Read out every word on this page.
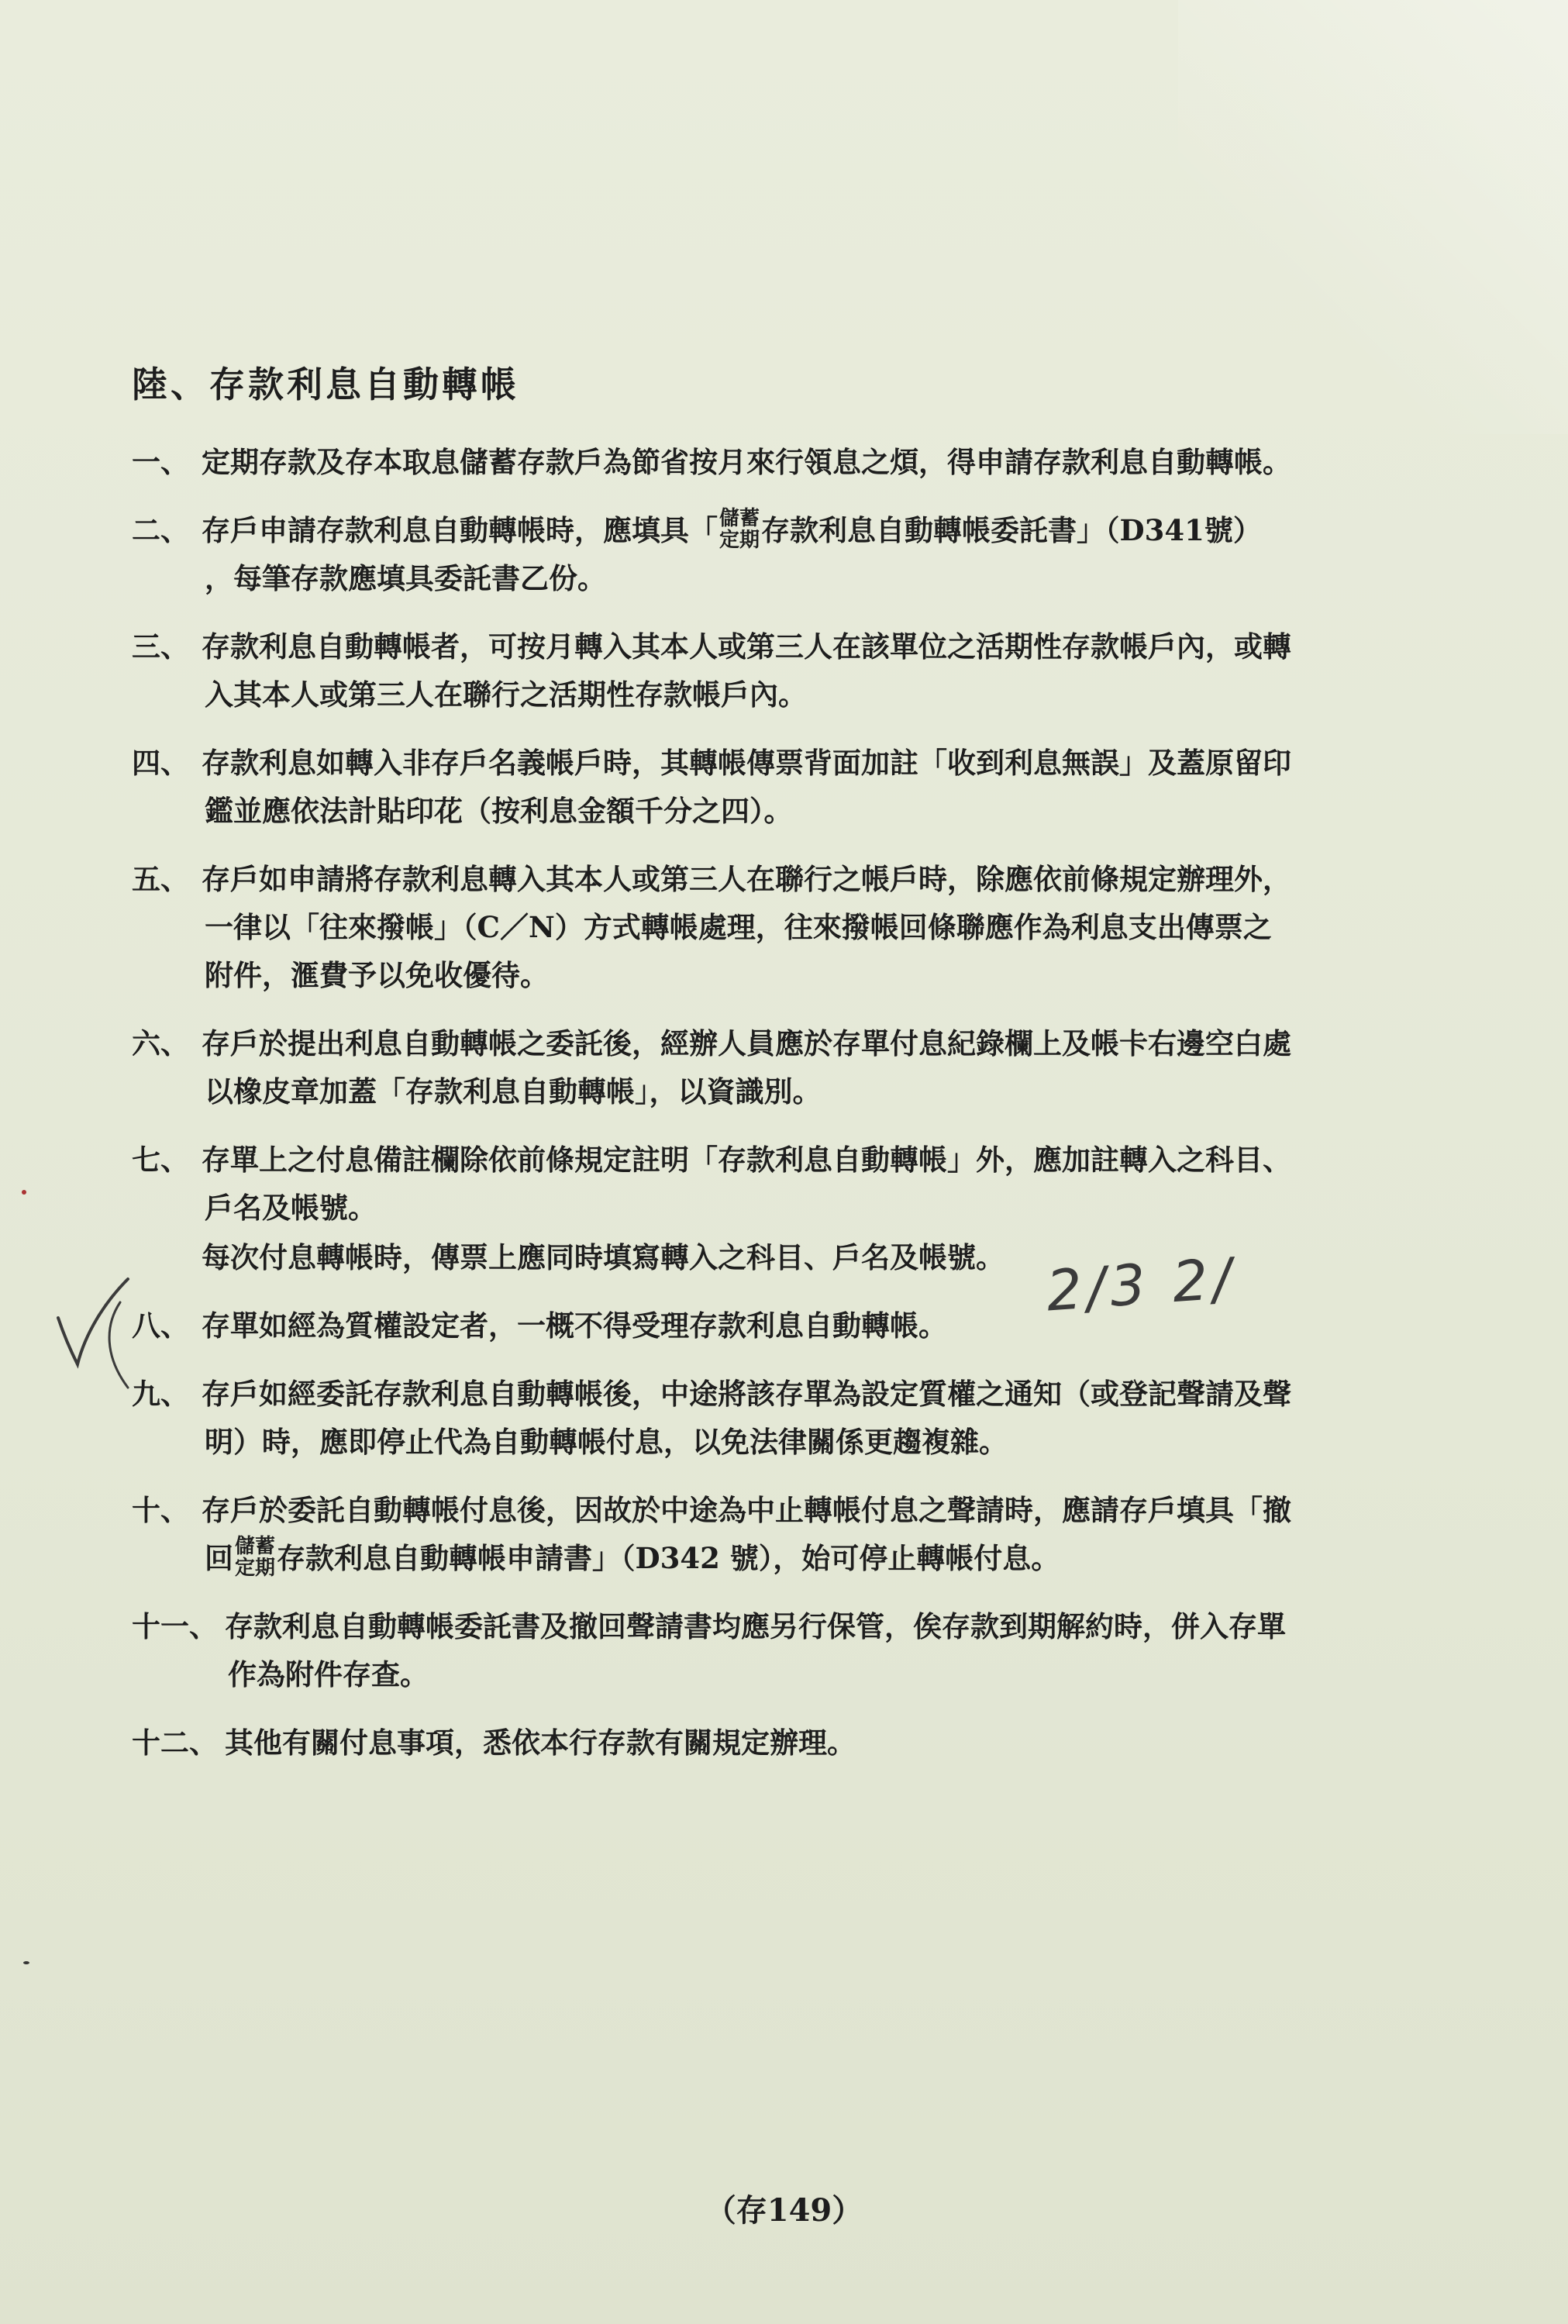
陸、存款利息自動轉帳
一、 定期存款及存本取息儲蓄存款戶為節省按月來行領息之煩，得申請存款利息自動轉帳。
二、 存戶申請存款利息自動轉帳時，應填具「 儲蓄
定期 存款利息自動轉帳委託書」（D341號）
，每筆存款應填具委託書乙份。
三、 存款利息自動轉帳者，可按月轉入其本人或第三人在該單位之活期性存款帳戶內，或轉
入其本人或第三人在聯行之活期性存款帳戶內。
四、 存款利息如轉入非存戶名義帳戶時，其轉帳傳票背面加註「收到利息無誤」及蓋原留印
鑑並應依法計貼印花（按利息金額千分之四）。
五、 存戶如申請將存款利息轉入其本人或第三人在聯行之帳戶時，除應依前條規定辦理外，
一律以「往來撥帳」（C／N）方式轉帳處理，往來撥帳回條聯應作為利息支出傳票之
附件，滙費予以免收優待。
六、 存戶於提出利息自動轉帳之委託後，經辦人員應於存單付息紀錄欄上及帳卡右邊空白處
以橡皮章加蓋「存款利息自動轉帳」，以資識別。
七、 存單上之付息備註欄除依前條規定註明「存款利息自動轉帳」外，應加註轉入之科目、
戶名及帳號。
每次付息轉帳時，傳票上應同時填寫轉入之科目、戶名及帳號。
八、 存單如經為質權設定者，一概不得受理存款利息自動轉帳。
九、 存戶如經委託存款利息自動轉帳後，中途將該存單為設定質權之通知（或登記聲請及聲
明）時，應即停止代為自動轉帳付息，以免法律關係更趨複雜。
十、 存戶於委託自動轉帳付息後，因故於中途為中止轉帳付息之聲請時，應請存戶填具「撤
回 儲蓄
定期 存款利息自動轉帳申請書」（D342 號），始可停止轉帳付息。
十一、 存款利息自動轉帳委託書及撤回聲請書均應另行保管，俟存款到期解約時，併入存單
作為附件存查。
十二、 其他有關付息事項，悉依本行存款有關規定辦理。
2/3 2/
（存149）
